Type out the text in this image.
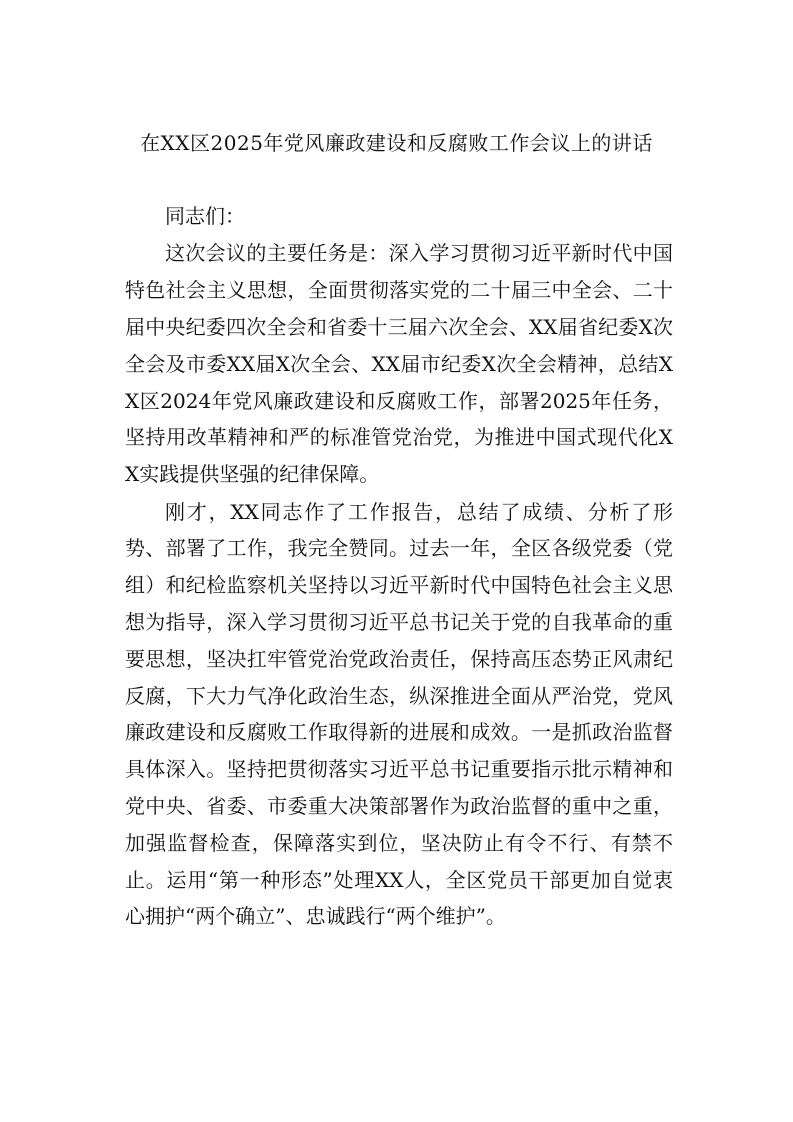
在XX区2025年党风廉政建设和反腐败工作会议上的讲话

同志们：

这次会议的主要任务是：深入学习贯彻习近平新时代中国特色社会主义思想，全面贯彻落实党的二十届三中全会、二十届中央纪委四次全会和省委十三届六次全会、XX届省纪委X次全会及市委XX届X次全会、XX届市纪委X次全会精神，总结XX区2024年党风廉政建设和反腐败工作，部署2025年任务，坚持用改革精神和严的标准管党治党，为推进中国式现代化XX实践提供坚强的纪律保障。

刚才，XX同志作了工作报告，总结了成绩、分析了形势、部署了工作，我完全赞同。过去一年，全区各级党委（党组）和纪检监察机关坚持以习近平新时代中国特色社会主义思想为指导，深入学习贯彻习近平总书记关于党的自我革命的重要思想，坚决扛牢管党治党政治责任，保持高压态势正风肃纪反腐，下大力气净化政治生态，纵深推进全面从严治党，党风廉政建设和反腐败工作取得新的进展和成效。一是抓政治监督具体深入。坚持把贯彻落实习近平总书记重要指示批示精神和党中央、省委、市委重大决策部署作为政治监督的重中之重，加强监督检查，保障落实到位，坚决防止有令不行、有禁不止。运用“第一种形态”处理XX人，全区党员干部更加自觉衷心拥护“两个确立”、忠诚践行“两个维护”。
